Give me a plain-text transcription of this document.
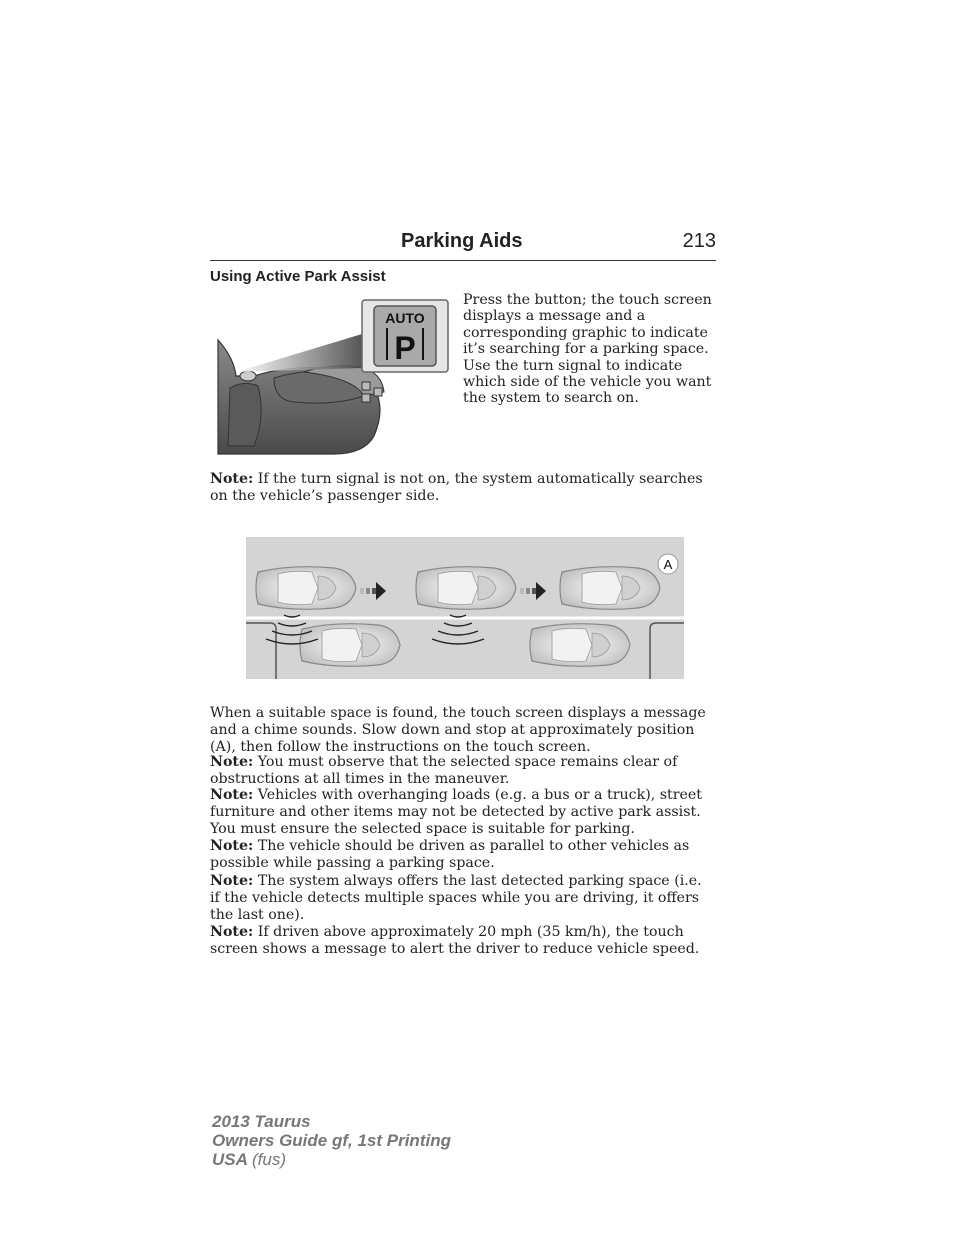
Parking Aids	213
Using Active Park Assist
AUTO
P

Press the button; the touch screen displays a message and a corresponding graphic to indicate it’s searching for a parking space. Use the turn signal to indicate which side of the vehicle you want the system to search on.

Note: If the turn signal is not on, the system automatically searches on the vehicle’s passenger side.

A

When a suitable space is found, the touch screen displays a message and a chime sounds. Slow down and stop at approximately position (A), then follow the instructions on the touch screen.

Note: You must observe that the selected space remains clear of obstructions at all times in the maneuver.

Note: Vehicles with overhanging loads (e.g. a bus or a truck), street furniture and other items may not be detected by active park assist. You must ensure the selected space is suitable for parking.

Note: The vehicle should be driven as parallel to other vehicles as possible while passing a parking space.

Note: The system always offers the last detected parking space (i.e. if the vehicle detects multiple spaces while you are driving, it offers the last one).

Note: If driven above approximately 20 mph (35 km/h), the touch screen shows a message to alert the driver to reduce vehicle speed.

2013 Taurus
Owners Guide gf, 1st Printing
USA (fus)
